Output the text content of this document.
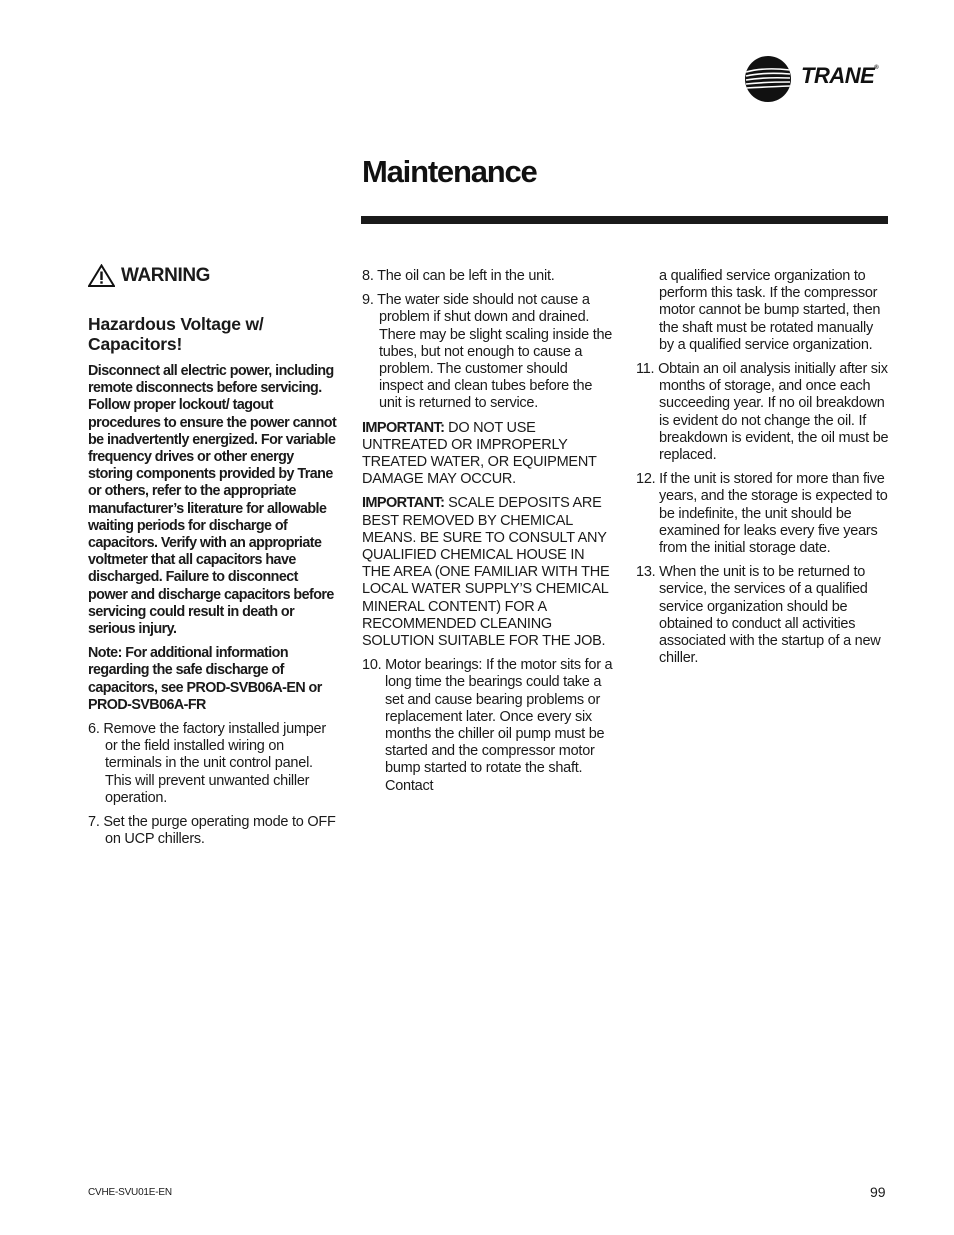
TRANE®
Maintenance
WARNING
Hazardous Voltage w/ Capacitors!

Disconnect all electric power, including remote disconnects before servicing. Follow proper lockout/ tagout procedures to ensure the power cannot be inadvertently energized. For variable frequency drives or other energy storing components provided by Trane or others, refer to the appropriate manufacturer’s literature for allowable waiting periods for discharge of capacitors. Verify with an appropriate voltmeter that all capacitors have discharged. Failure to disconnect power and discharge capacitors before servicing could result in death or serious injury.

Note: For additional information regarding the safe discharge of capacitors, see PROD-SVB06A-EN or PROD-SVB06A-FR

6. Remove the factory installed jumper or the field installed wiring on terminals in the unit control panel. This will prevent unwanted chiller operation.

7. Set the purge operating mode to OFF on UCP chillers.

8. The oil can be left in the unit.

9. The water side should not cause a problem if shut down and drained. There may be slight scaling inside the tubes, but not enough to cause a problem. The customer should inspect and clean tubes before the unit is returned to service.

IMPORTANT: DO NOT USE UNTREATED OR IMPROPERLY TREATED WATER, OR EQUIPMENT DAMAGE MAY OCCUR.

IMPORTANT: SCALE DEPOSITS ARE BEST REMOVED BY CHEMICAL MEANS. BE SURE TO CONSULT ANY QUALIFIED CHEMICAL HOUSE IN THE AREA (ONE FAMILIAR WITH THE LOCAL WATER SUPPLY’S CHEMICAL MINERAL CONTENT) FOR A RECOMMENDED CLEANING SOLUTION SUITABLE FOR THE JOB.

10. Motor bearings: If the motor sits for a long time the bearings could take a set and cause bearing problems or replacement later. Once every six months the chiller oil pump must be started and the compressor motor bump started to rotate the shaft. Contact

a qualified service organization to perform this task. If the compressor motor cannot be bump started, then the shaft must be rotated manually by a qualified service organization.

11. Obtain an oil analysis initially after six months of storage, and once each succeeding year. If no oil breakdown is evident do not change the oil. If breakdown is evident, the oil must be replaced.

12. If the unit is stored for more than five years, and the storage is expected to be indefinite, the unit should be examined for leaks every five years from the initial storage date.

13. When the unit is to be returned to service, the services of a qualified service organization should be obtained to conduct all activities associated with the startup of a new chiller.

CVHE-SVU01E-EN	99
